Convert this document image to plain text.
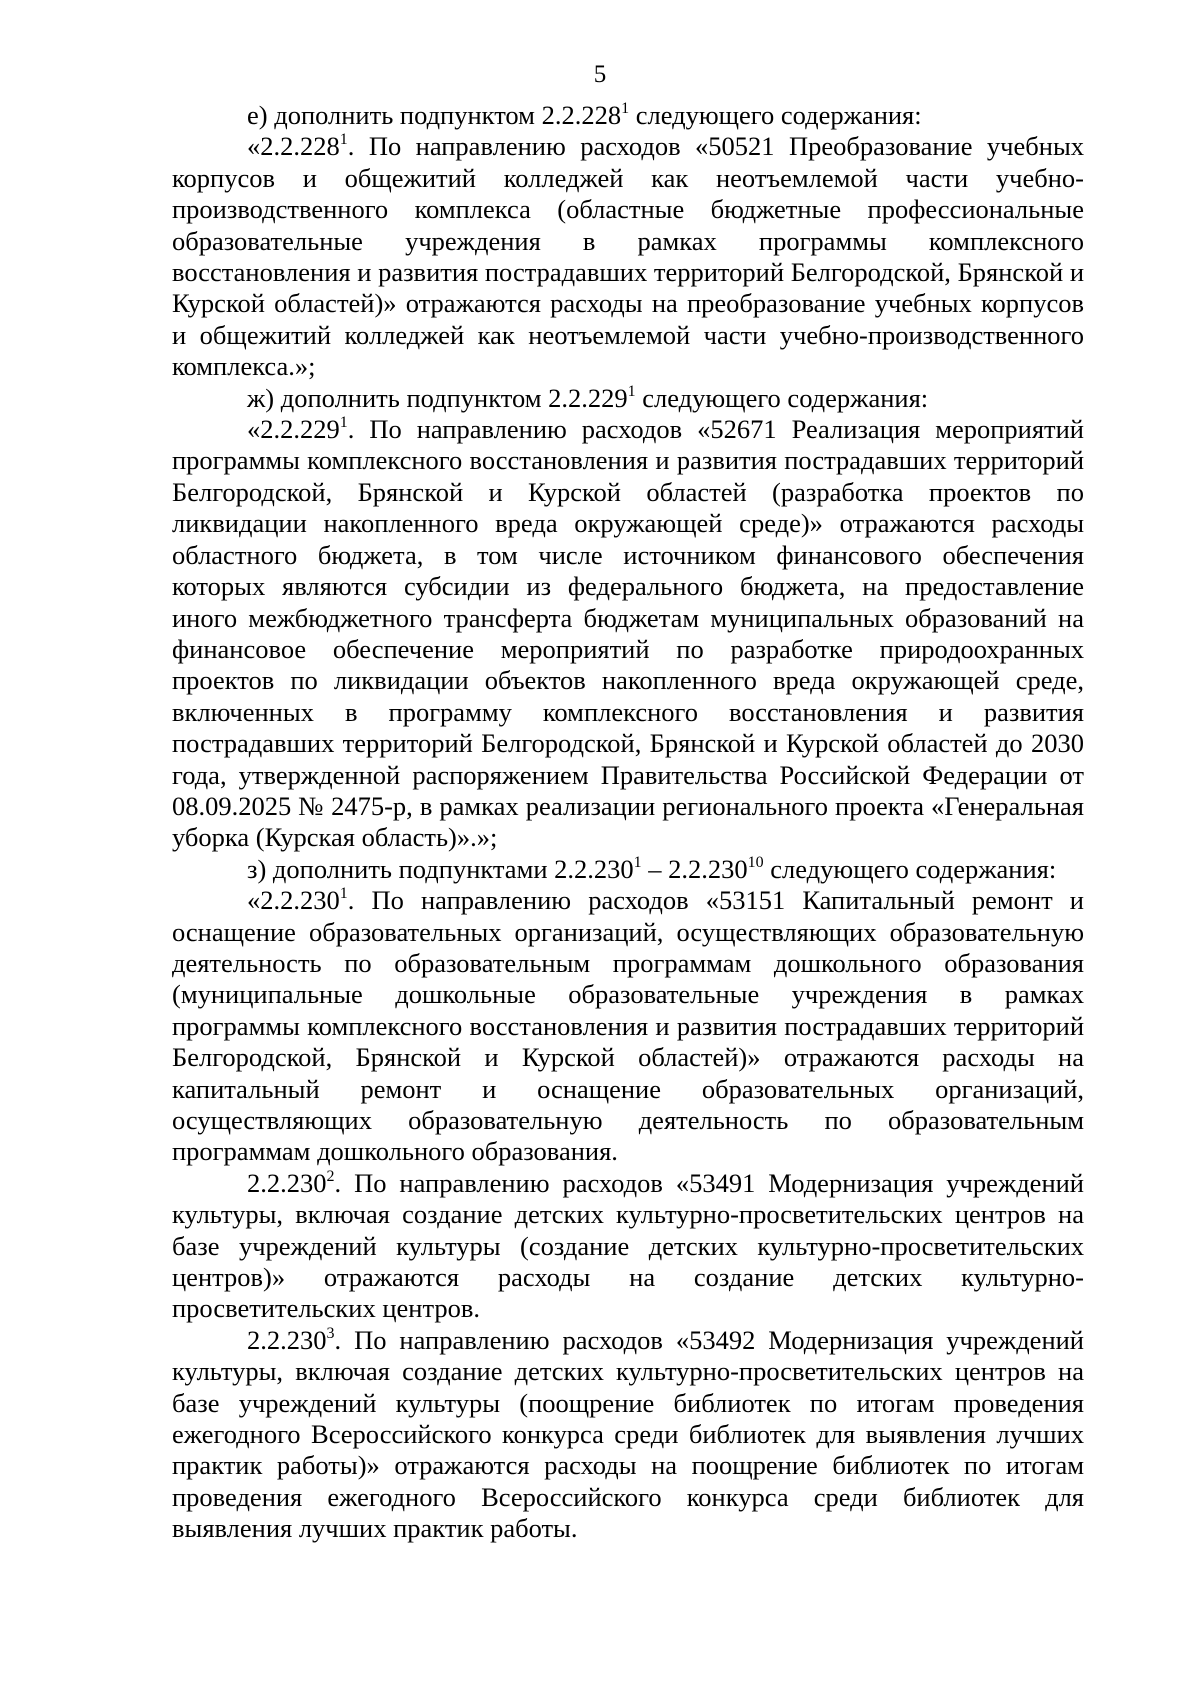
5

е) дополнить подпунктом 2.2.228$^1$ следующего содержания:

«2.2.228$^1$. По направлению расходов «50521 Преобразование учебных корпусов и общежитий колледжей как неотъемлемой части учебно-производственного комплекса (областные бюджетные профессиональные образовательные учреждения в рамках программы комплексного восстановления и развития пострадавших территорий Белгородской, Брянской и Курской областей)» отражаются расходы на преобразование учебных корпусов и общежитий колледжей как неотъемлемой части учебно-производственного комплекса.»;

ж) дополнить подпунктом 2.2.229$^1$ следующего содержания:

«2.2.229$^1$. По направлению расходов «52671 Реализация мероприятий программы комплексного восстановления и развития пострадавших территорий Белгородской, Брянской и Курской областей (разработка проектов по ликвидации накопленного вреда окружающей среде)» отражаются расходы областного бюджета, в том числе источником финансового обеспечения которых являются субсидии из федерального бюджета, на предоставление иного межбюджетного трансферта бюджетам муниципальных образований на финансовое обеспечение мероприятий по разработке природоохранных проектов по ликвидации объектов накопленного вреда окружающей среде, включенных в программу комплексного восстановления и развития пострадавших территорий Белгородской, Брянской и Курской областей до 2030 года, утвержденной распоряжением Правительства Российской Федерации от 08.09.2025 № 2475-р, в рамках реализации регионального проекта «Генеральная уборка (Курская область)».»;

з) дополнить подпунктами 2.2.230$^1$ – 2.2.230$^{10}$ следующего содержания:

«2.2.230$^1$. По направлению расходов «53151 Капитальный ремонт и оснащение образовательных организаций, осуществляющих образовательную деятельность по образовательным программам дошкольного образования (муниципальные дошкольные образовательные учреждения в рамках программы комплексного восстановления и развития пострадавших территорий Белгородской, Брянской и Курской областей)» отражаются расходы на капитальный ремонт и оснащение образовательных организаций, осуществляющих образовательную деятельность по образовательным программам дошкольного образования.

2.2.230$^2$. По направлению расходов «53491 Модернизация учреждений культуры, включая создание детских культурно-просветительских центров на базе учреждений культуры (создание детских культурно-просветительских центров)» отражаются расходы на создание детских культурно-просветительских центров.

2.2.230$^3$. По направлению расходов «53492 Модернизация учреждений культуры, включая создание детских культурно-просветительских центров на базе учреждений культуры (поощрение библиотек по итогам проведения ежегодного Всероссийского конкурса среди библиотек для выявления лучших практик работы)» отражаются расходы на поощрение библиотек по итогам проведения ежегодного Всероссийского конкурса среди библиотек для выявления лучших практик работы.
